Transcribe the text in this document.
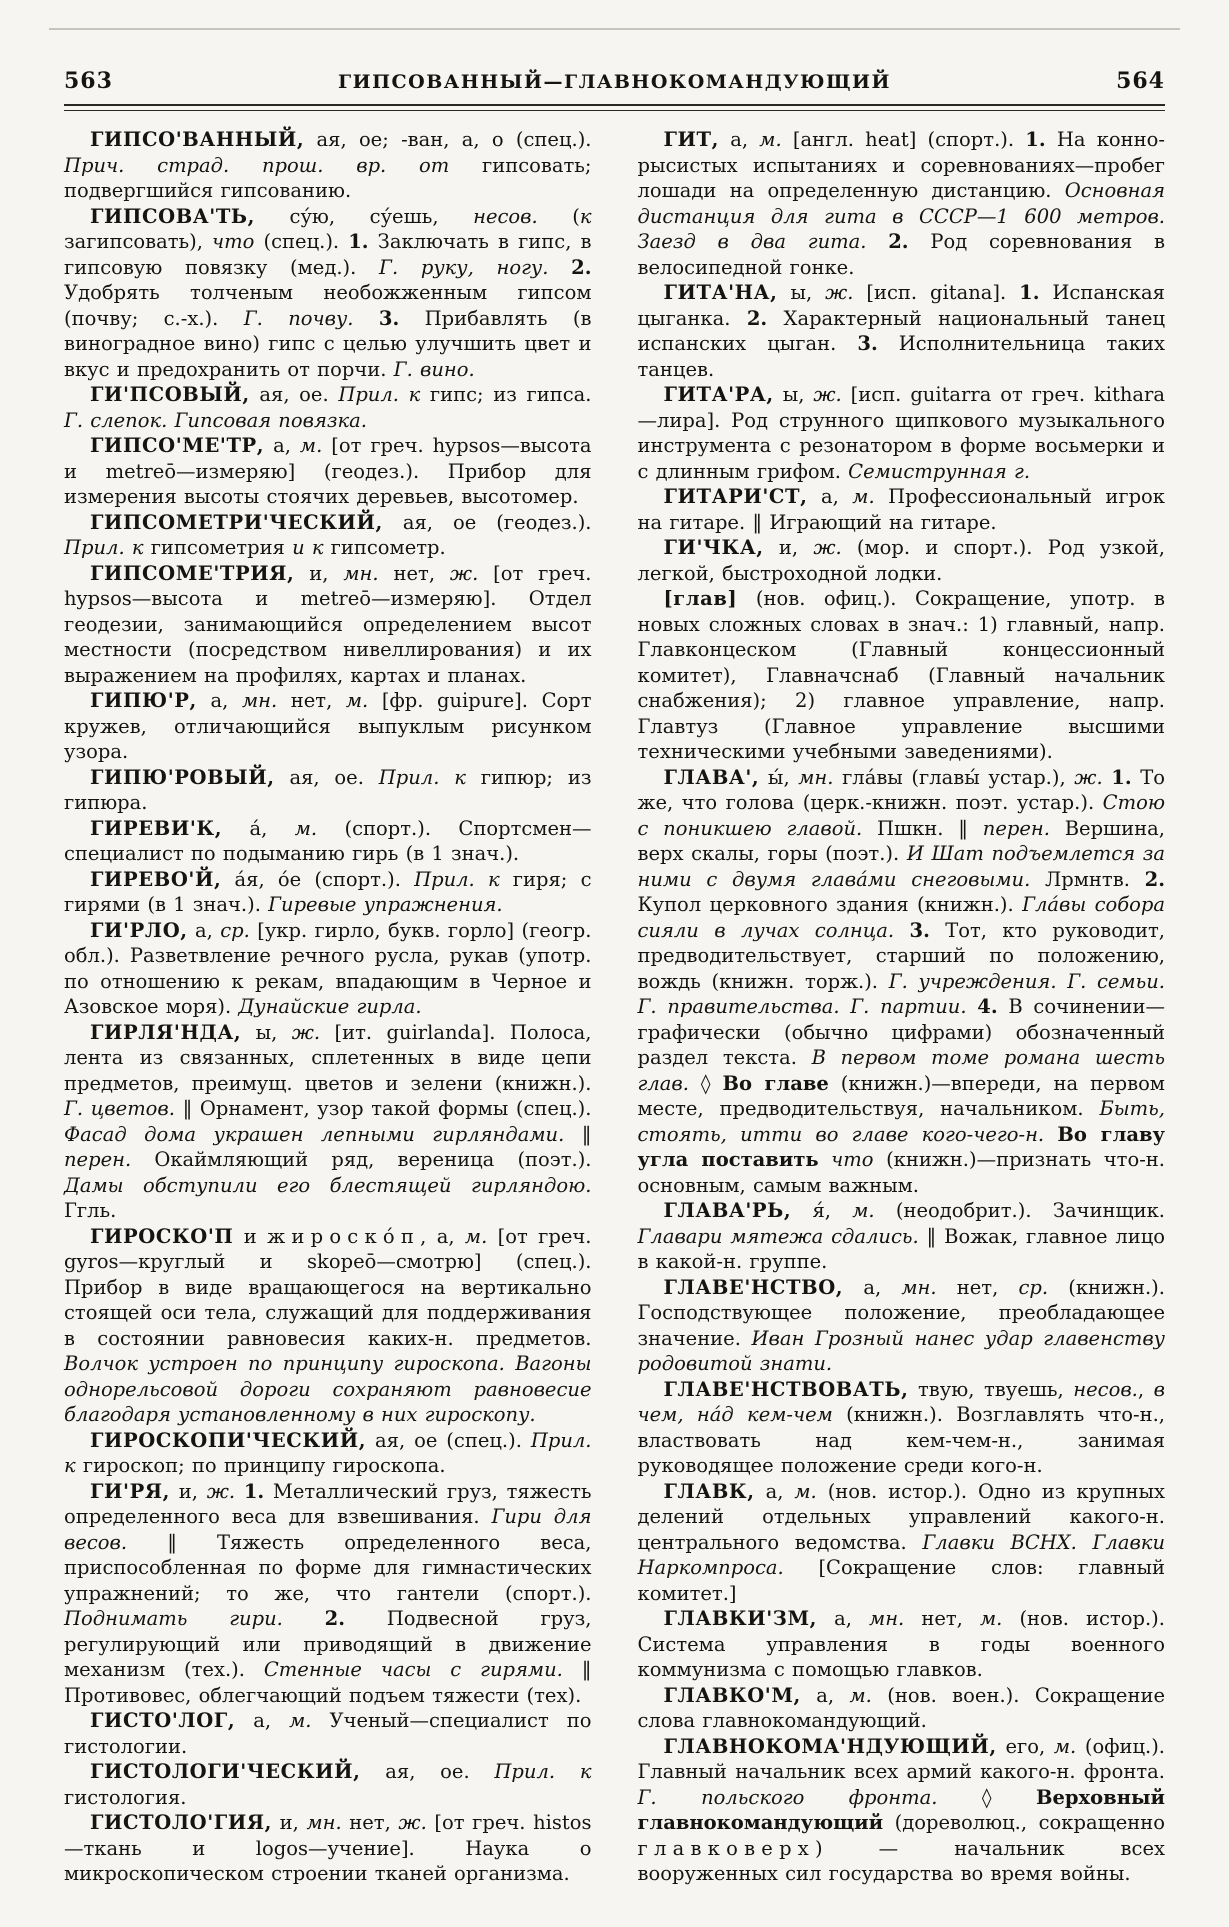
563	ГИПСОВАННЫЙ—ГЛАВНОКОМАНДУЮЩИЙ	564

ГИПСО'ВАННЫЙ, ая, ое; -ван, а, о (спец.). Прич. страд. прош. вр. от гипсовать; подвергшийся гипсованию.

ГИПСОВА'ТЬ, су́ю, су́ешь, несов. (к загипсовать), что (спец.). 1. Заключать в гипс, в гипсовую повязку (мед.). Г. руку, ногу. 2. Удобрять толченым необожженным гипсом (почву; с.-х.). Г. почву. 3. Прибавлять (в виноградное вино) гипс с целью улучшить цвет и вкус и предохранить от порчи. Г. вино.

ГИ'ПСОВЫЙ, ая, ое. Прил. к гипс; из гипса. Г. слепок. Гипсовая повязка.

ГИПСО'МЕ'ТР, а, м. [от греч. hypsos—высота и metreō—измеряю] (геодез.). Прибор для измерения высоты стоячих деревьев, высотомер.

ГИПСОМЕТРИ'ЧЕСКИЙ, ая, ое (геодез.). Прил. к гипсометрия и к гипсометр.

ГИПСОМЕ'ТРИЯ, и, мн. нет, ж. [от греч. hypsos—высота и metreō—измеряю]. Отдел геодезии, занимающийся определением высот местности (посредством нивеллирования) и их выражением на профилях, картах и планах.

ГИПЮ'Р, а, мн. нет, м. [фр. guipure]. Сорт кружев, отличающийся выпуклым рисунком узора.

ГИПЮ'РОВЫЙ, ая, ое. Прил. к гипюр; из гипюра.

ГИРЕВИ'К, а́, м. (спорт.). Спортсмен—специалист по подыманию гирь (в 1 знач.).

ГИРЕВО'Й, а́я, о́е (спорт.). Прил. к гиря; с гирями (в 1 знач.). Гиревые упражнения.

ГИ'РЛО, а, ср. [укр. гирло, букв. горло] (геогр. обл.). Разветвление речного русла, рукав (употр. по отношению к рекам, впадающим в Черное и Азовское моря). Дунайские гирла.

ГИРЛЯ'НДА, ы, ж. [ит. guirlanda]. Полоса, лента из связанных, сплетенных в виде цепи предметов, преимущ. цветов и зелени (книжн.). Г. цветов. ‖ Орнамент, узор такой формы (спец.). Фасад дома украшен лепными гирляндами. ‖ перен. Окаймляющий ряд, вереница (поэт.). Дамы обступили его блестящей гирляндою. Ггль.

ГИРОСКО'П и жироско́п, а, м. [от греч. gyros—круглый и skopeō—смотрю] (спец.). Прибор в виде вращающегося на вертикально стоящей оси тела, служащий для поддерживания в состоянии равновесия каких-н. предметов. Волчок устроен по принципу гироскопа. Вагоны однорельсовой дороги сохраняют равновесие благодаря установленному в них гироскопу.

ГИРОСКОПИ'ЧЕСКИЙ, ая, ое (спец.). Прил. к гироскоп; по принципу гироскопа.

ГИ'РЯ, и, ж. 1. Металлический груз, тяжесть определенного веса для взвешивания. Гири для весов. ‖ Тяжесть определенного веса, приспособленная по форме для гимнастических упражнений; то же, что гантели (спорт.). Поднимать гири. 2. Подвесной груз, регулирующий или приводящий в движение механизм (тех.). Стенные часы с гирями. ‖ Противовес, облегчающий подъем тяжести (тех).

ГИСТО'ЛОГ, а, м. Ученый—специалист по гистологии.

ГИСТОЛОГИ'ЧЕСКИЙ, ая, ое. Прил. к гистология.

ГИСТОЛО'ГИЯ, и, мн. нет, ж. [от греч. histos—ткань и logos—учение]. Наука о микроскопическом строении тканей организма.

ГИТ, а, м. [англ. heat] (спорт.). 1. На конно-рысистых испытаниях и соревнованиях—пробег лошади на определенную дистанцию. Основная дистанция для гита в СССР—1 600 метров. Заезд в два гита. 2. Род соревнования в велосипедной гонке.

ГИТА'НА, ы, ж. [исп. gitana]. 1. Испанская цыганка. 2. Характерный национальный танец испанских цыган. 3. Исполнительница таких танцев.

ГИТА'РА, ы, ж. [исп. guitarra от греч. kithara—лира]. Род струнного щипкового музыкального инструмента с резонатором в форме восьмерки и с длинным грифом. Семиструнная г.

ГИТАРИ'СТ, а, м. Профессиональный игрок на гитаре. ‖ Играющий на гитаре.

ГИ'ЧКА, и, ж. (мор. и спорт.). Род узкой, легкой, быстроходной лодки.

[глав] (нов. офиц.). Сокращение, употр. в новых сложных словах в знач.: 1) главный, напр. Главконцеском (Главный концессионный комитет), Главначснаб (Главный начальник снабжения); 2) главное управление, напр. Главтуз (Главное управление высшими техническими учебными заведениями).

ГЛАВА', ы́, мн. гла́вы (главы́ устар.), ж. 1. То же, что голова (церк.-книжн. поэт. устар.). Стою с поникшею главой. Пшкн. ‖ перен. Вершина, верх скалы, горы (поэт.). И Шат подъемлется за ними с двумя глава́ми снеговыми. Лрмнтв. 2. Купол церковного здания (книжн.). Гла́вы собора сияли в лучах солнца. 3. Тот, кто руководит, предводительствует, старший по положению, вождь (книжн. торж.). Г. учреждения. Г. семьи. Г. правительства. Г. партии. 4. В сочинении—графически (обычно цифрами) обозначенный раздел текста. В первом томе романа шесть глав. ◊ Во главе (книжн.)—впереди, на первом месте, предводительствуя, начальником. Быть, стоять, итти во главе кого-чего-н. Во главу угла поставить что (книжн.)—признать что-н. основным, самым важным.

ГЛАВА'РЬ, я́, м. (неодобрит.). Зачинщик. Главари мятежа сдались. ‖ Вожак, главное лицо в какой-н. группе.

ГЛАВЕ'НСТВО, а, мн. нет, ср. (книжн.). Господствующее положение, преобладающее значение. Иван Грозный нанес удар главенству родовитой знати.

ГЛАВЕ'НСТВОВАТЬ, твую, твуешь, несов., в чем, на́д кем-чем (книжн.). Возглавлять что-н., властвовать над кем-чем-н., занимая руководящее положение среди кого-н.

ГЛАВК, а, м. (нов. истор.). Одно из крупных делений отдельных управлений какого-н. центрального ведомства. Главки ВСНХ. Главки Наркомпроса. [Сокращение слов: главный комитет.]

ГЛАВКИ'ЗМ, а, мн. нет, м. (нов. истор.). Система управления в годы военного коммунизма с помощью главков.

ГЛАВКО'М, а, м. (нов. воен.). Сокращение слова главнокомандующий.

ГЛАВНОКОМА'НДУЮЩИЙ, его, м. (офиц.). Главный начальник всех армий какого-н. фронта. Г. польского фронта. ◊ Верховный главнокомандующий (дореволюц., сокращенно главковерх) — начальник всех вооруженных сил государства во время войны.
